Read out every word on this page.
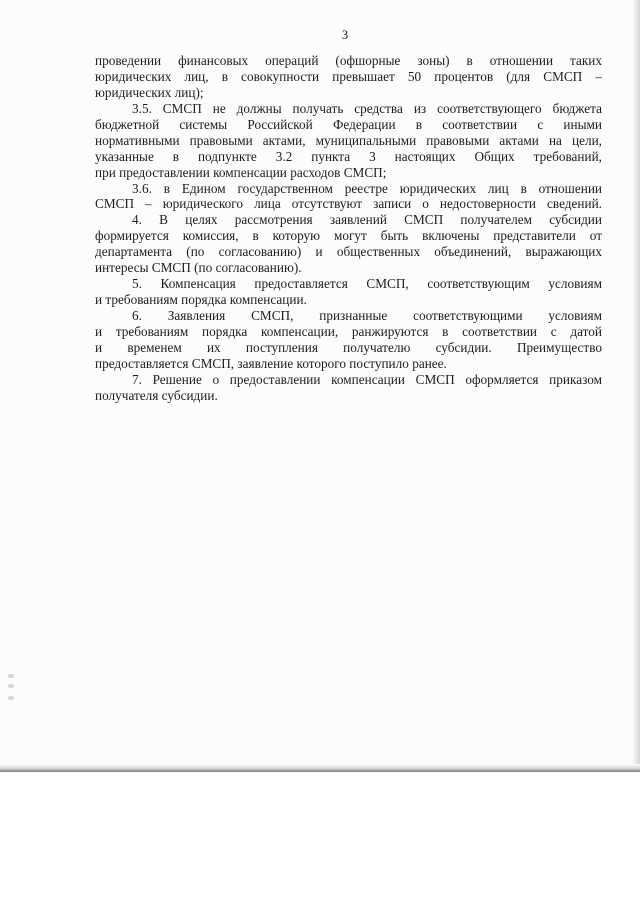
3
проведении финансовых операций (офшорные зоны) в отношении таких
юридических лиц, в совокупности превышает 50 процентов (для СМСП –
юридических лиц);
3.5. СМСП не должны получать средства из соответствующего бюджета
бюджетной системы Российской Федерации в соответствии с иными
нормативными правовыми актами, муниципальными правовыми актами на цели,
указанные в подпункте 3.2 пункта 3 настоящих Общих требований,
при предоставлении компенсации расходов СМСП;
3.6. в Едином государственном реестре юридических лиц в отношении
СМСП – юридического лица отсутствуют записи о недостоверности сведений.
4. В целях рассмотрения заявлений СМСП получателем субсидии
формируется комиссия, в которую могут быть включены представители от
департамента (по согласованию) и общественных объединений, выражающих
интересы СМСП (по согласованию).
5. Компенсация предоставляется СМСП, соответствующим условиям
и требованиям порядка компенсации.
6. Заявления СМСП, признанные соответствующими условиям
и требованиям порядка компенсации, ранжируются в соответствии с датой
и временем их поступления получателю субсидии. Преимущество
предоставляется СМСП, заявление которого поступило ранее.
7. Решение о предоставлении компенсации СМСП оформляется приказом
получателя субсидии.
